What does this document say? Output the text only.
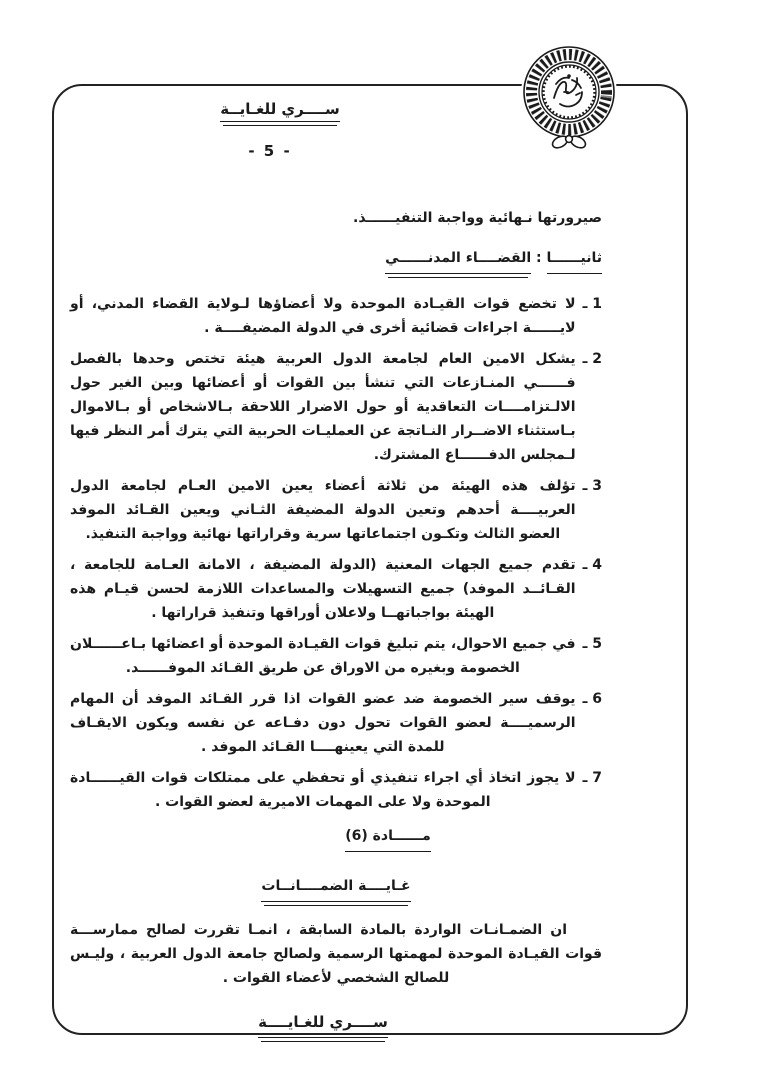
ســــري للغـايــة
- 5 -

صيرورتها نـهائية وواجبة التنفيــــــذ.

ثانيــــــا : القضــــاء المدنــــــي

1 ـ
لا تخضع قوات القيـادة الموحدة ولا أعضاؤها لـولاية القضاء المدني، أو لايــــــة اجراءات قضائية أخرى في الدولة المضيفــــة .
2 ـ
يشكل الامين العام لجامعة الدول العربية هيئة تختص وحدها بالفصل فــــــي المنـازعات التي تنشأ بين القوات أو أعضائها وبين الغير حول الالـتزامــــات التعاقدية أو حول الاضرار اللاحقة بـالاشخاص أو بـالاموال بـاستثناء الاضــرار النـاتجة عن العمليـات الحربية التي يترك أمر النظر فيها لـمجلس الدفــــــاع المشترك.
3 ـ
تؤلف هذه الهيئة من ثلاثة أعضاء يعين الامين العـام لجامعة الدول العربيــــة أحدهم وتعين الدولة المضيفة الثـاني ويعين القـائد الموفد العضو الثالث وتكـون اجتماعاتها سرية وقراراتها نهائية وواجبة التنفيذ.
4 ـ
تقدم جميع الجهات المعنية (الدولة المضيفة ، الامانة العـامة للجامعة ، القـائــد الموفد) جميع التسهيلات والمساعدات اللازمة لحسن قيـام هذه الهيئة بواجباتهــا ولاعلان أوراقها وتنفيذ قراراتها .
5 ـ
في جميع الاحوال، يتم تبليغ قوات القيـادة الموحدة أو اعضائها بـاعــــــلان الخصومة وبغيره من الاوراق عن طريق القـائد الموفــــــد.
6 ـ
يوقف سير الخصومة ضد عضو القوات اذا قرر القـائد الموفد أن المهام الرسميــــة لعضو القوات تحول دون دفـاعه عن نفسه ويكون الايقـاف للمدة التي يعينهــــا القـائد الموفد .
7 ـ
لا يجوز اتخاذ أي اجراء تنفيذي أو تحفظي على ممتلكات قوات القيــــــادة الموحدة ولا على المهمات الاميرية لعضو القوات .
مــــــادة (6)
غـايــــة الضمــــانــات

ان الضمـانـات الواردة بالمادة السابقة ، انمـا تقررت لصالح ممارســـة قوات القيـادة الموحدة لمهمتها الرسمية ولصالح جامعة الدول العربية ، وليـس للصالح الشخصي لأعضاء القوات .

ســــري للغـايــــة
